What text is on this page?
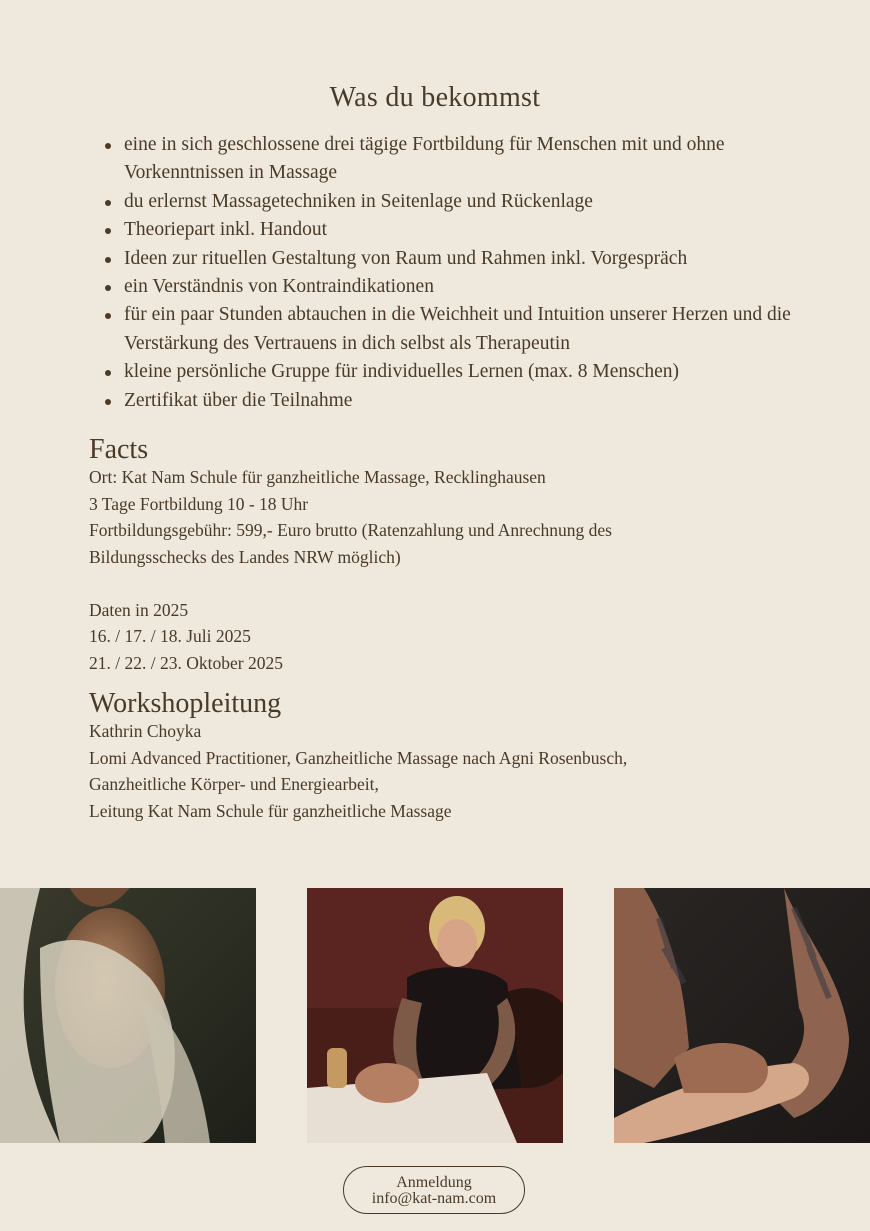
Was du bekommst
eine in sich geschlossene drei tägige Fortbildung für Menschen mit und ohne Vorkenntnissen in Massage
du erlernst Massagetechniken in Seitenlage und Rückenlage
Theoriepart inkl. Handout
Ideen zur rituellen Gestaltung von Raum und Rahmen inkl. Vorgespräch
ein Verständnis von Kontraindikationen
für ein paar Stunden abtauchen in die Weichheit und Intuition unserer Herzen und die Verstärkung des Vertrauens in dich selbst als Therapeutin
kleine persönliche Gruppe für individuelles Lernen (max. 8 Menschen)
Zertifikat über die Teilnahme
Facts
Ort: Kat Nam Schule für ganzheitliche Massage, Recklinghausen
3 Tage Fortbildung 10 - 18 Uhr
Fortbildungsgebühr: 599,- Euro brutto (Ratenzahlung und Anrechnung des
Bildungsschecks des Landes NRW möglich)
Daten in 2025
16. / 17. / 18. Juli 2025
21. / 22. / 23. Oktober 2025
Workshopleitung
Kathrin Choyka
Lomi Advanced Practitioner, Ganzheitliche Massage nach Agni Rosenbusch,
Ganzheitliche Körper- und Energiearbeit,
Leitung Kat Nam Schule für ganzheitliche Massage
Anmeldung
info@kat-nam.com
